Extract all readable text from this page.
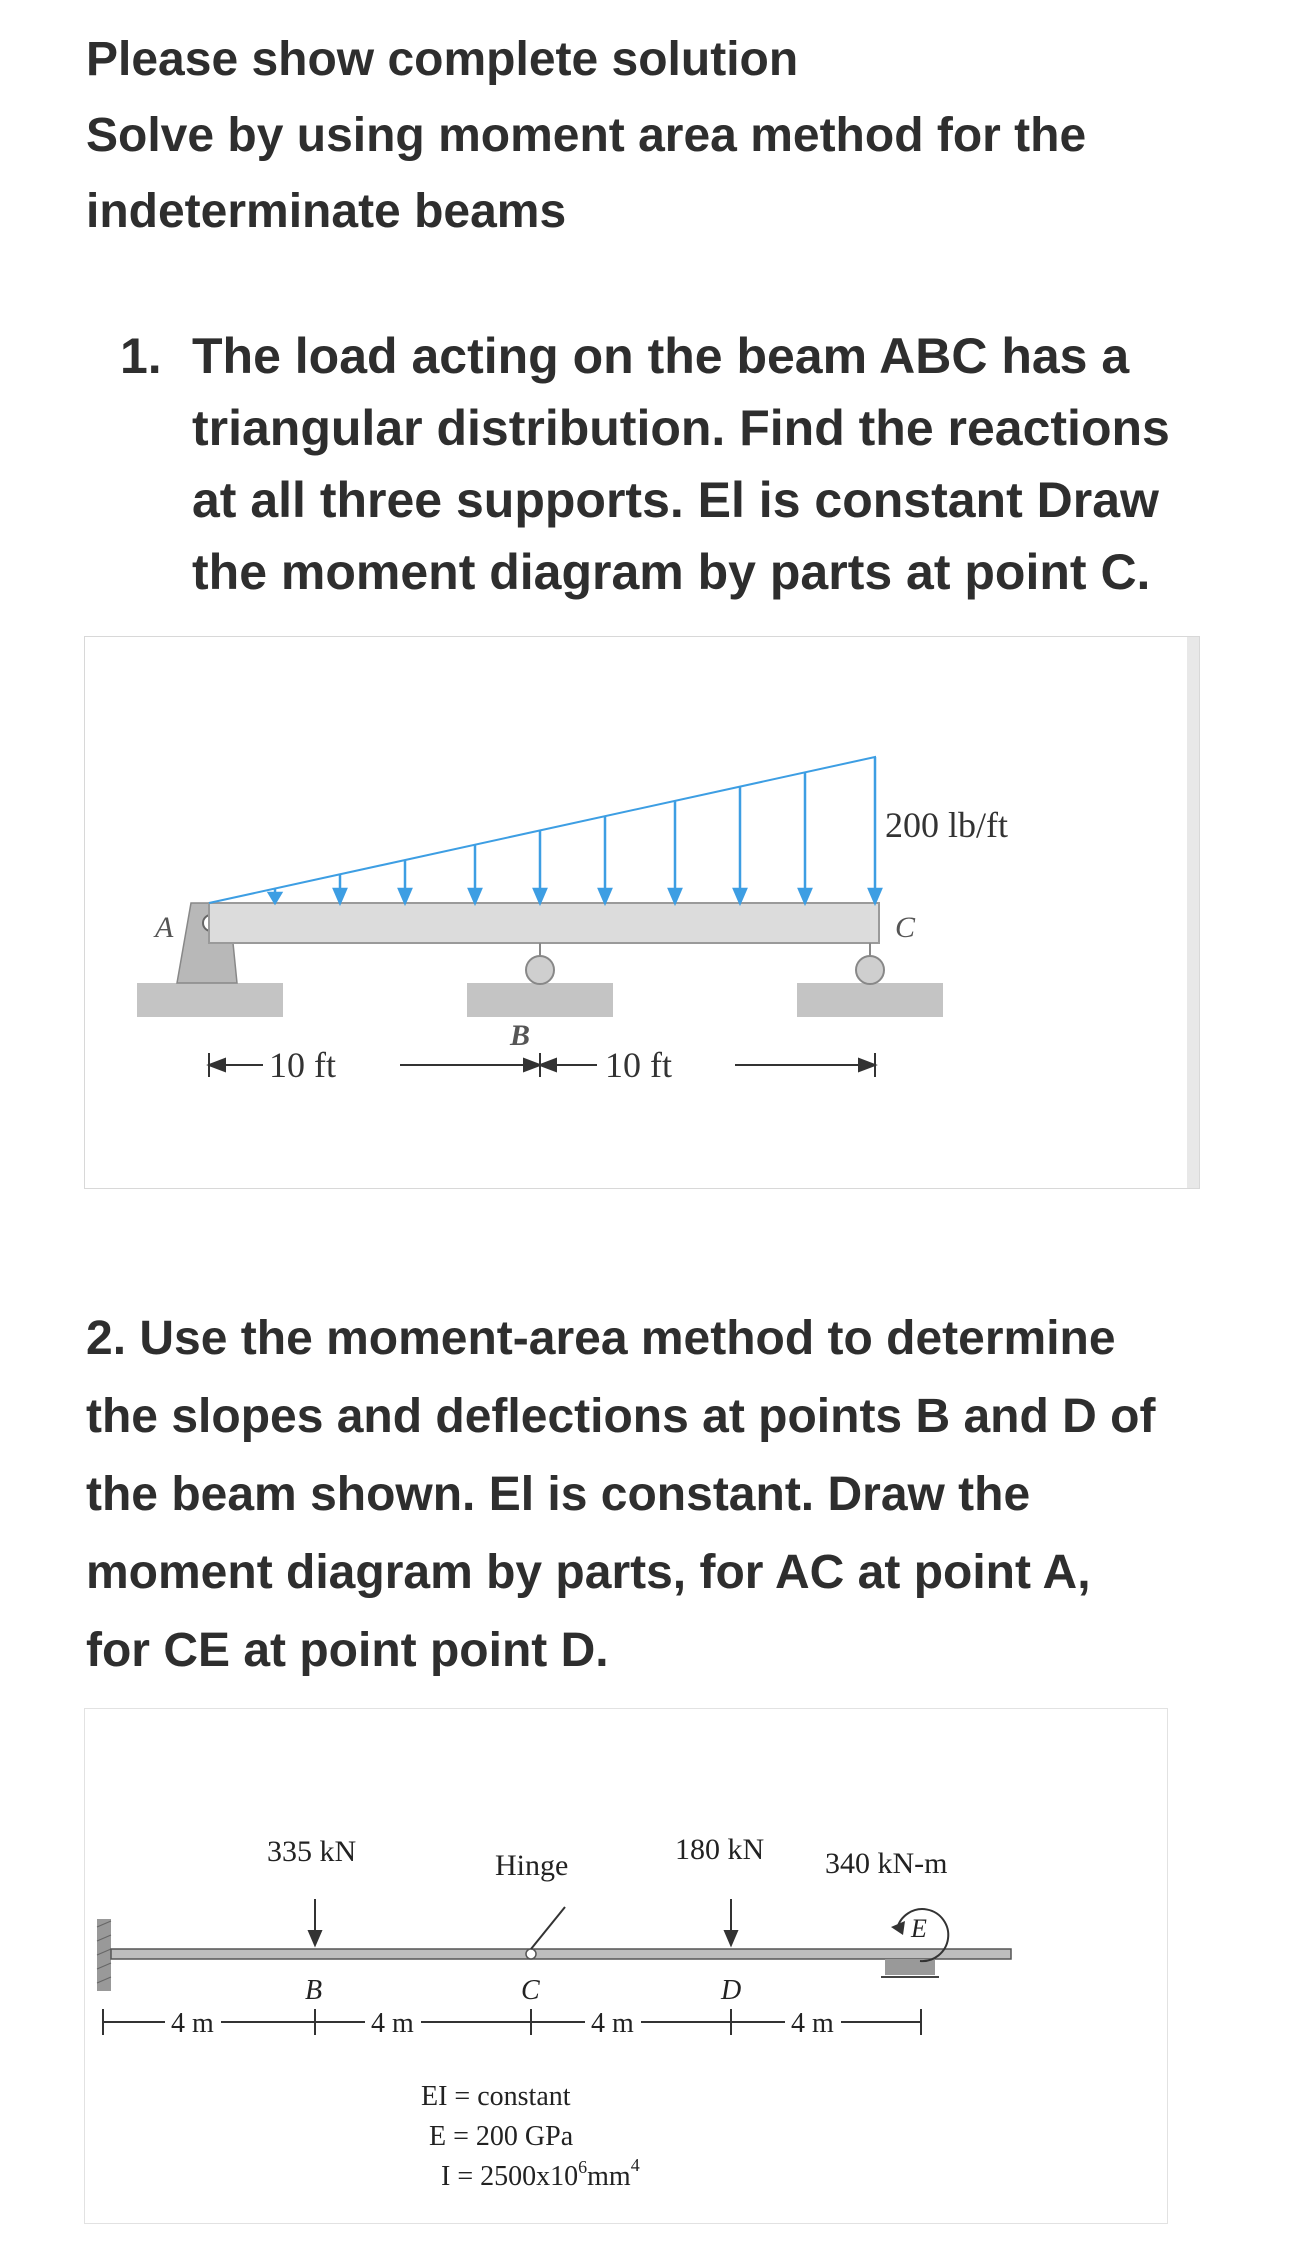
Please show complete solution

Solve by using moment area method for the

indeterminate beams

1. The load acting on the beam ABC has a
triangular distribution. Find the reactions
at all three supports. El is constant Draw
the moment diagram by parts at point C.
A	C
B
200 lb/ft
10 ft	10 ft
2. Use the moment-area method to determine
the slopes and deflections at points B and D of
the beam shown. El is constant. Draw the
moment diagram by parts, for AC at point A,
for CE at point point D.
335 kN	Hinge	180 kN 340 kN-m
E
B	C	D
4 m	4 m	4 m	4 m
EI = constant
E = 200 GPa
$I = 2500x10^6mm^4$
